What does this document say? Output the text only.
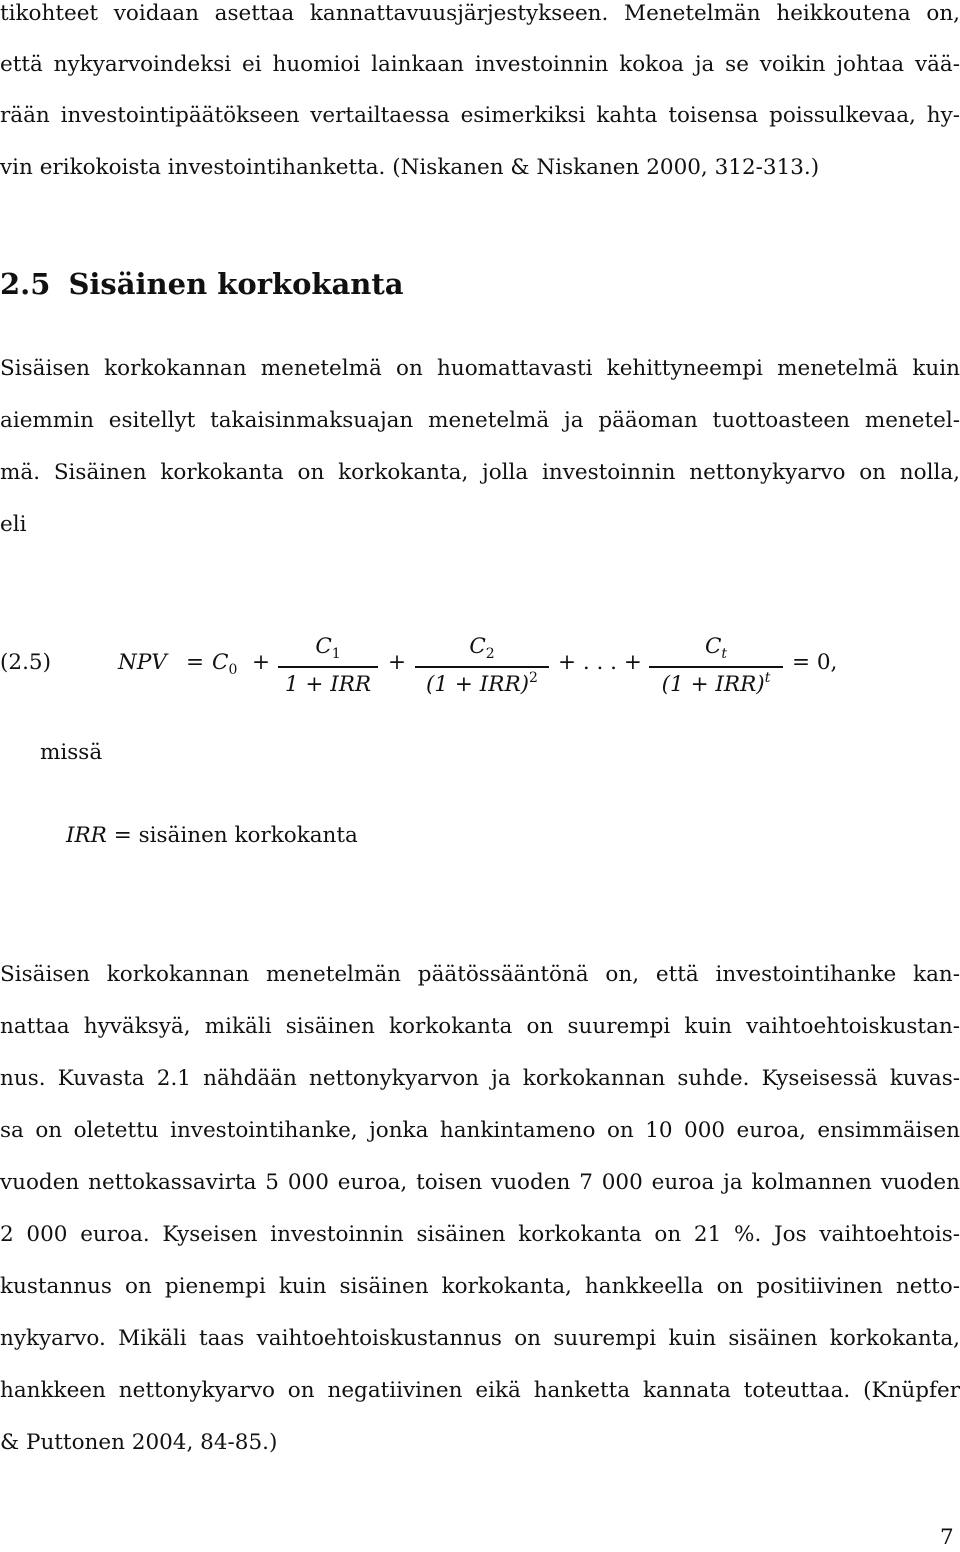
tikohteet voidaan asettaa kannattavuusjärjestykseen. Menetelmän heikkoutena on,
että nykyarvoindeksi ei huomioi lainkaan investoinnin kokoa ja se voikin johtaa vää-
rään investointipäätökseen vertailtaessa esimerkiksi kahta toisensa poissulkevaa, hy-
vin erikokoista investointihanketta. (Niskanen & Niskanen 2000, 312-313.)
2.5 Sisäinen korkokanta
Sisäisen korkokannan menetelmä on huomattavasti kehittyneempi menetelmä kuin
aiemmin esitellyt takaisinmaksuajan menetelmä ja pääoman tuottoasteen menetel-
mä. Sisäinen korkokanta on korkokanta, jolla investoinnin nettonykyarvo on nolla,
eli
(2.5)	NPV = $C_0$ +
$C_1$
1 + IRR
+
$C_2$
(1 + IRR)$^2$
+ . . . +
$C_t$
(1 + IRR)$^t$
= 0,
missä
IRR = sisäinen korkokanta
Sisäisen korkokannan menetelmän päätössääntönä on, että investointihanke kan-
nattaa hyväksyä, mikäli sisäinen korkokanta on suurempi kuin vaihtoehtoiskustan-
nus. Kuvasta 2.1 nähdään nettonykyarvon ja korkokannan suhde. Kyseisessä kuvas-
sa on oletettu investointihanke, jonka hankintameno on 10 000 euroa, ensimmäisen
vuoden nettokassavirta 5 000 euroa, toisen vuoden 7 000 euroa ja kolmannen vuoden
2 000 euroa. Kyseisen investoinnin sisäinen korkokanta on 21 %. Jos vaihtoehtois-
kustannus on pienempi kuin sisäinen korkokanta, hankkeella on positiivinen netto-
nykyarvo. Mikäli taas vaihtoehtoiskustannus on suurempi kuin sisäinen korkokanta,
hankkeen nettonykyarvo on negatiivinen eikä hanketta kannata toteuttaa. (Knüpfer
& Puttonen 2004, 84-85.)
7
